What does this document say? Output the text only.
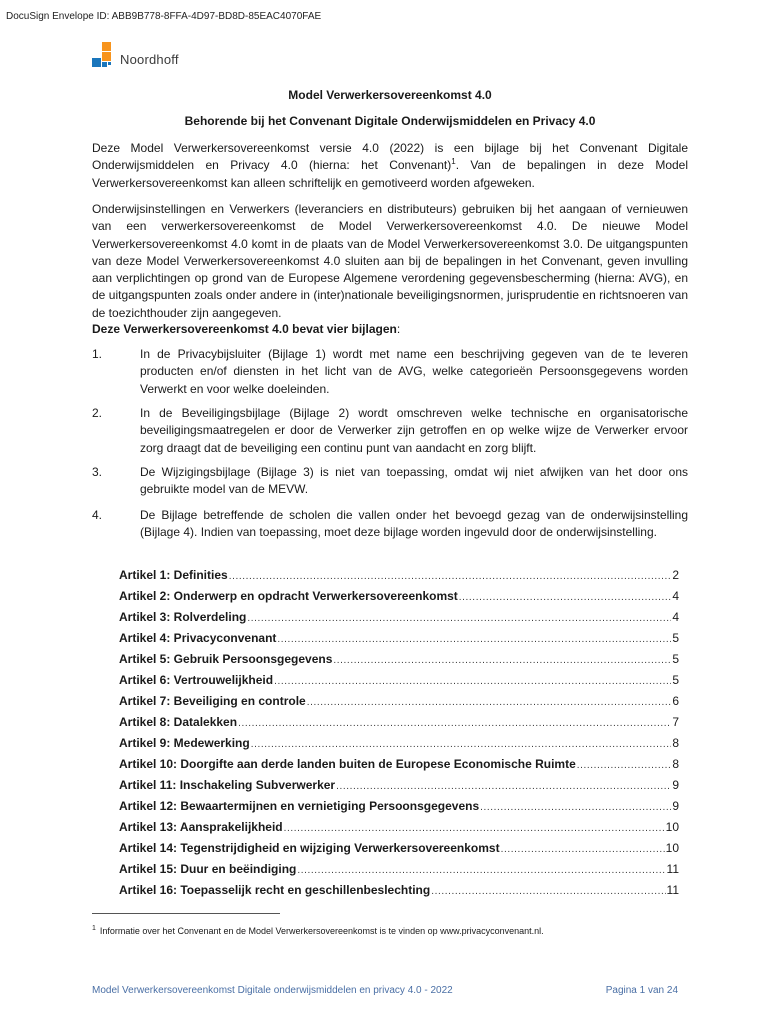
DocuSign Envelope ID: ABB9B778-8FFA-4D97-BD8D-85EAC4070FAE
Noordhoff
Model Verwerkersovereenkomst 4.0
Behorende bij het Convenant Digitale Onderwijsmiddelen en Privacy 4.0
Deze Model Verwerkersovereenkomst versie 4.0 (2022) is een bijlage bij het Convenant Digitale Onderwijsmiddelen en Privacy 4.0 (hierna: het Convenant)$^1$. Van de bepalingen in deze Model Verwerkersovereenkomst kan alleen schriftelijk en gemotiveerd worden afgeweken.
Onderwijsinstellingen en Verwerkers (leveranciers en distributeurs) gebruiken bij het aangaan of vernieuwen van een verwerkersovereenkomst de Model Verwerkersovereenkomst 4.0. De nieuwe Model Verwerkersovereenkomst 4.0 komt in de plaats van de Model Verwerkersovereenkomst 3.0. De uitgangspunten van deze Model Verwerkersovereenkomst 4.0 sluiten aan bij de bepalingen in het Convenant, geven invulling aan verplichtingen op grond van de Europese Algemene verordening gegevensbescherming (hierna: AVG), en de uitgangspunten zoals onder andere in (inter)nationale beveiligingsnormen, jurisprudentie en richtsnoeren van de toezichthouder zijn aangegeven.
Deze Verwerkersovereenkomst 4.0 bevat vier bijlagen:
1.	In de Privacybijsluiter (Bijlage 1) wordt met name een beschrijving gegeven van de te leveren producten en/of diensten in het licht van de AVG, welke categorieën Persoonsgegevens worden Verwerkt en voor welke doeleinden.
2.	In de Beveiligingsbijlage (Bijlage 2) wordt omschreven welke technische en organisatorische beveiligingsmaatregelen er door de Verwerker zijn getroffen en op welke wijze de Verwerker ervoor zorg draagt dat de beveiliging een continu punt van aandacht en zorg blijft.
3.	De Wijzigingsbijlage (Bijlage 3) is niet van toepassing, omdat wij niet afwijken van het door ons gebruikte model van de MEVW.
4.	De Bijlage betreffende de scholen die vallen onder het bevoegd gezag van de onderwijsinstelling (Bijlage 4). Indien van toepassing, moet deze bijlage worden ingevuld door de onderwijsinstelling.
Artikel 1: Definities .....	2
Artikel 2: Onderwerp en opdracht Verwerkersovereenkomst .....	4
Artikel 3: Rolverdeling .....	4
Artikel 4: Privacyconvenant .....	5
Artikel 5: Gebruik Persoonsgegevens .....	5
Artikel 6: Vertrouwelijkheid .....	5
Artikel 7: Beveiliging en controle .....	6
Artikel 8: Datalekken .....	7
Artikel 9: Medewerking .....	8
Artikel 10: Doorgifte aan derde landen buiten de Europese Economische Ruimte .....	8
Artikel 11: Inschakeling Subverwerker .....	9
Artikel 12: Bewaartermijnen en vernietiging Persoonsgegevens .....	9
Artikel 13: Aansprakelijkheid .....	10
Artikel 14: Tegenstrijdigheid en wijziging Verwerkersovereenkomst .....	10
Artikel 15: Duur en beëindiging .....	11
Artikel 16: Toepasselijk recht en geschillenbeslechting .....	11
$^1$ Informatie over het Convenant en de Model Verwerkersovereenkomst is te vinden op www.privacyconvenant.nl.
Model Verwerkersovereenkomst Digitale onderwijsmiddelen en privacy 4.0 - 2022	Pagina 1 van 24
